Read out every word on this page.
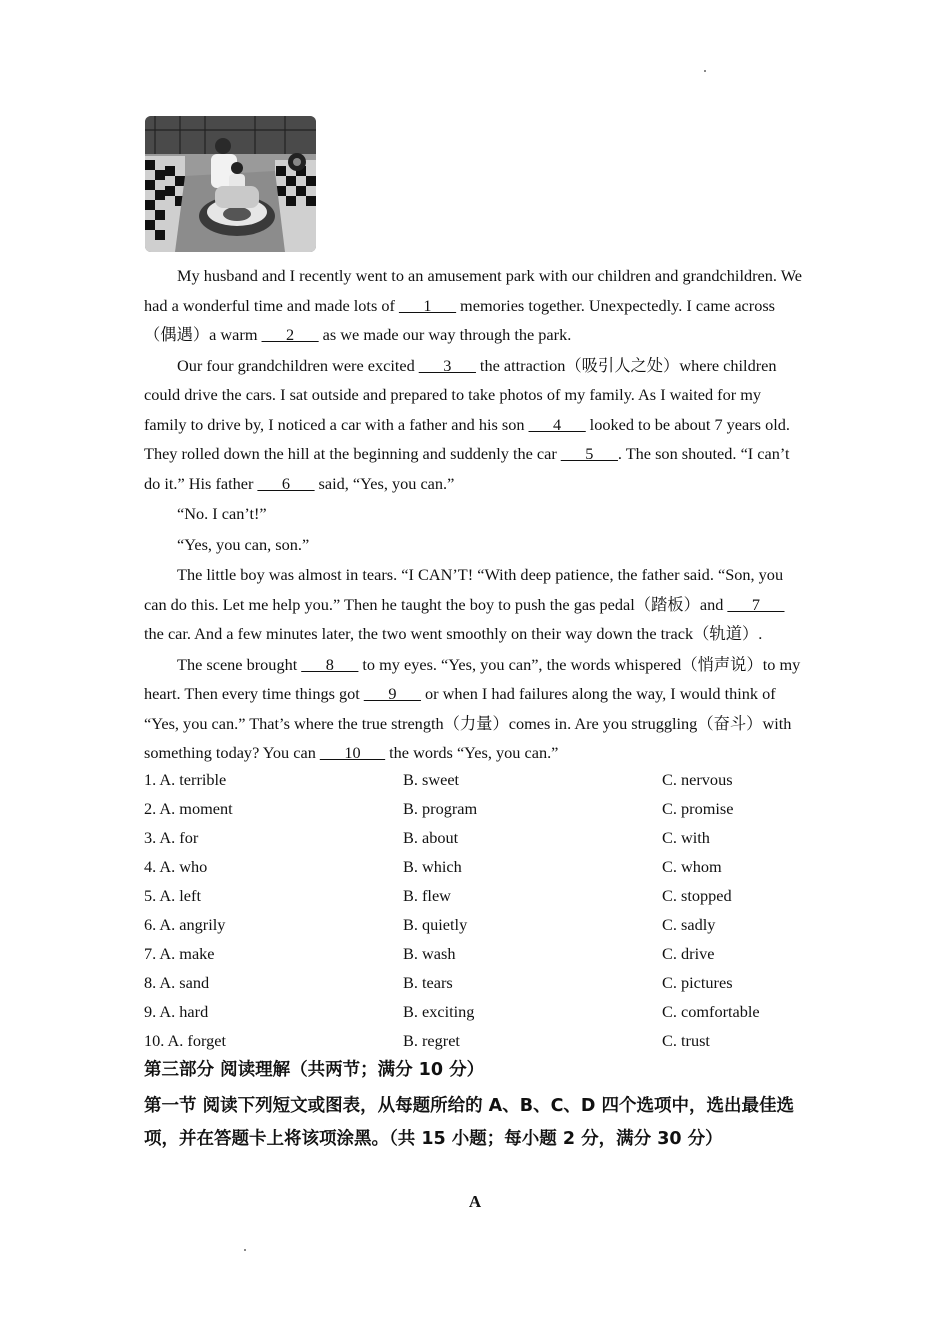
My husband and I recently went to an amusement park with our children and grandchildren. We had a wonderful time and made lots of ___1___ memories together. Unexpectedly. I came across（偶遇）a warm ___2___ as we made our way through the park.

Our four grandchildren were excited ___3___ the attraction（吸引人之处）where children could drive the cars. I sat outside and prepared to take photos of my family. As I waited for my family to drive by, I noticed a car with a father and his son ___4___ looked to be about 7 years old. They rolled down the hill at the beginning and suddenly the car ___5___. The son shouted. “I can’t do it.” His father ___6___ said, “Yes, you can.”

“No. I can’t!”

“Yes, you can, son.”

The little boy was almost in tears. “I CAN’T! “With deep patience, the father said. “Son, you can do this. Let me help you.” Then he taught the boy to push the gas pedal（踏板）and ___7___ the car. And a few minutes later, the two went smoothly on their way down the track（轨道）.

The scene brought ___8___ to my eyes. “Yes, you can”, the words whispered（悄声说）to my heart. Then every time things got ___9___ or when I had failures along the way, I would think of “Yes, you can.” That’s where the true strength（力量）comes in. Are you struggling（奋斗）with something today? You can ___10___ the words “Yes, you can.”

1. A. terrible	B. sweet	C. nervous
2. A. moment	B. program	C. promise
3. A. for	B. about	C. with
4. A. who	B. which	C. whom
5. A. left	B. flew	C. stopped
6. A. angrily	B. quietly	C. sadly
7. A. make	B. wash	C. drive
8. A. sand	B. tears	C. pictures
9. A. hard	B. exciting	C. comfortable
10. A. forget	B. regret	C. trust
第三部分 阅读理解（共两节；满分 10 分）
第一节 阅读下列短文或图表，从每题所给的 A、B、C、D 四个选项中，选出最佳选项，并在答题卡上将该项涂黑。（共 15 小题；每小题 2 分，满分 30 分）
A
